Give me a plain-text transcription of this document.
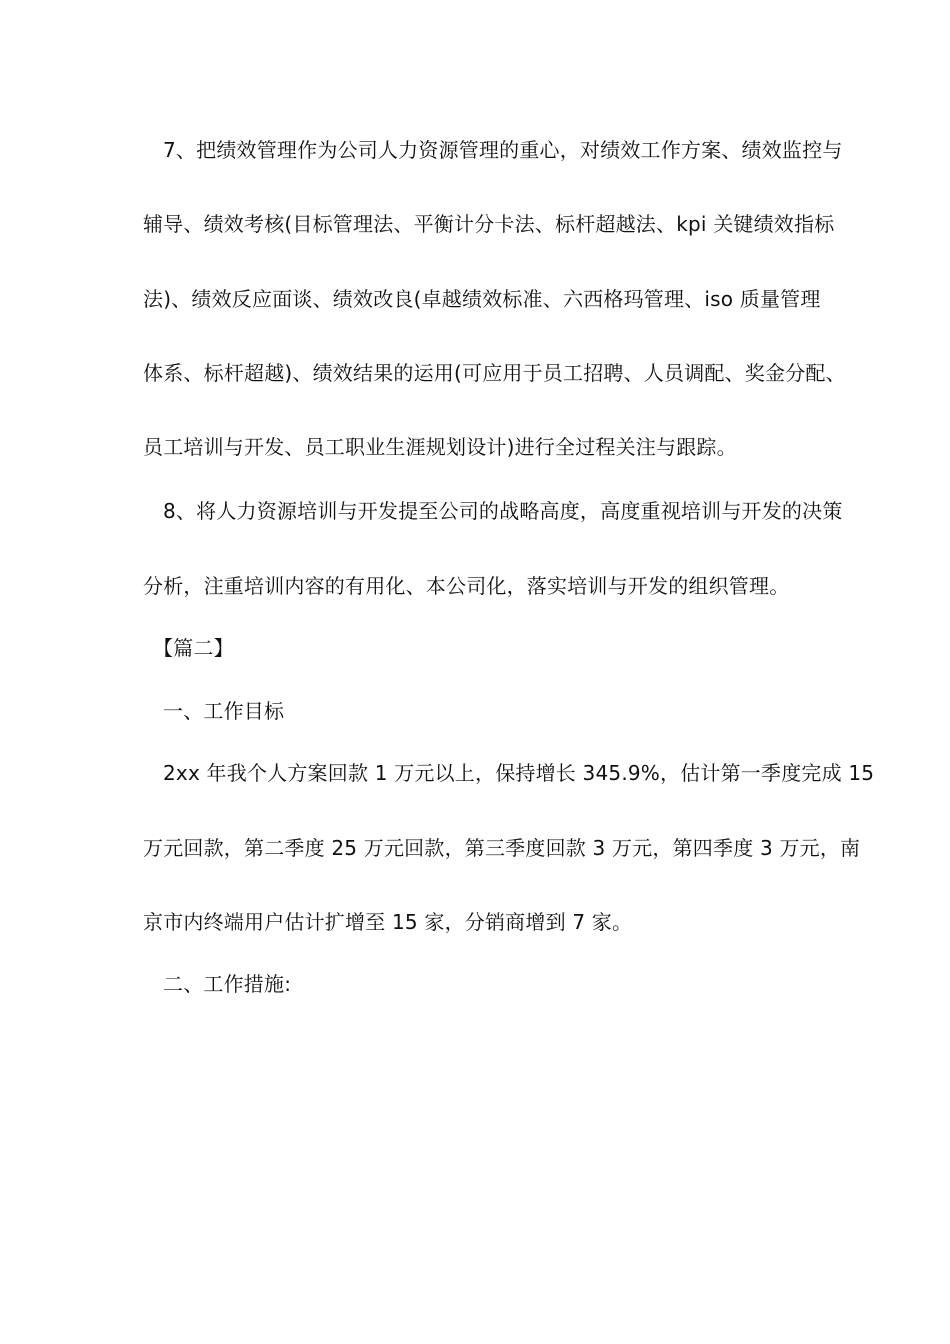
7、把绩效管理作为公司人力资源管理的重心，对绩效工作方案、绩效监控与
辅导、绩效考核(目标管理法、平衡计分卡法、标杆超越法、kpi 关键绩效指标
法)、绩效反应面谈、绩效改良(卓越绩效标准、六西格玛管理、iso 质量管理
体系、标杆超越)、绩效结果的运用(可应用于员工招聘、人员调配、奖金分配、
员工培训与开发、员工职业生涯规划设计)进行全过程关注与跟踪。
8、将人力资源培训与开发提至公司的战略高度，高度重视培训与开发的决策
分析，注重培训内容的有用化、本公司化，落实培训与开发的组织管理。
【篇二】
一、工作目标
2xx 年我个人方案回款 1 万元以上，保持增长 345.9%，估计第一季度完成 15
万元回款，第二季度 25 万元回款，第三季度回款 3 万元，第四季度 3 万元，南
京市内终端用户估计扩增至 15 家，分销商增到 7 家。
二、工作措施:
